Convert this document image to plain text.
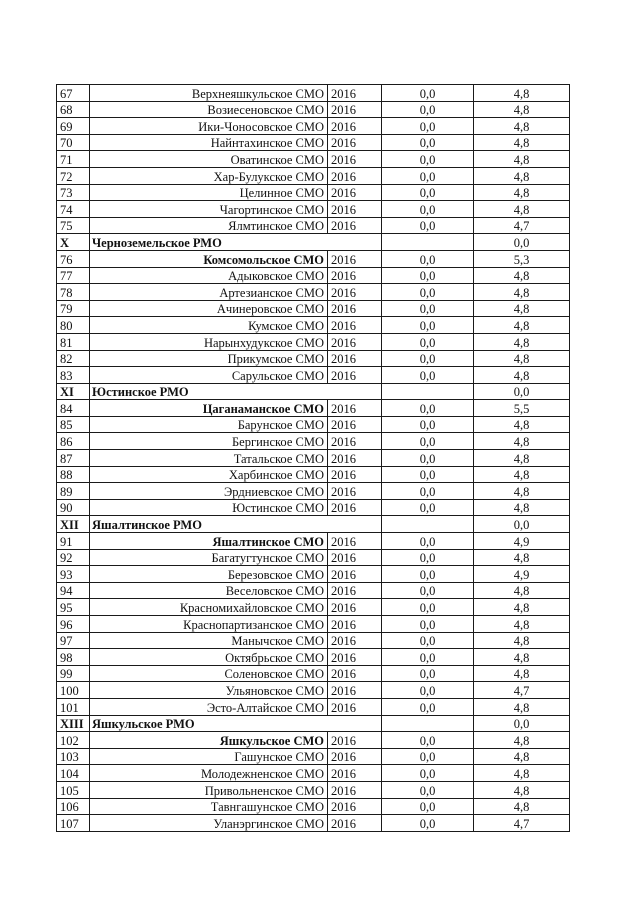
67	Верхнеяшкульское СМО	2016	0,0	4,8
68	Возиесеновское СМО	2016	0,0	4,8
69	Ики-Чоносовское СМО	2016	0,0	4,8
70	Найнтахинское СМО	2016	0,0	4,8
71	Оватинское СМО	2016	0,0	4,8
72	Хар-Булукское СМО	2016	0,0	4,8
73	Целинное СМО	2016	0,0	4,8
74	Чагортинское СМО	2016	0,0	4,8
75	Ялмтинское СМО	2016	0,0	4,7
X	Черноземельское РМО			0,0
76	Комсомольское СМО	2016	0,0	5,3
77	Адыковское СМО	2016	0,0	4,8
78	Артезианское СМО	2016	0,0	4,8
79	Ачинеровское СМО	2016	0,0	4,8
80	Кумское СМО	2016	0,0	4,8
81	Нарынхудукское СМО	2016	0,0	4,8
82	Прикумское СМО	2016	0,0	4,8
83	Сарульское СМО	2016	0,0	4,8
XI	Юстинское РМО			0,0
84	Цаганаманское СМО	2016	0,0	5,5
85	Барунское СМО	2016	0,0	4,8
86	Бергинское СМО	2016	0,0	4,8
87	Татальское СМО	2016	0,0	4,8
88	Харбинское СМО	2016	0,0	4,8
89	Эрдниевское СМО	2016	0,0	4,8
90	Юстинское СМО	2016	0,0	4,8
XII	Яшалтинское РМО			0,0
91	Яшалтинское СМО	2016	0,0	4,9
92	Багатугтунское СМО	2016	0,0	4,8
93	Березовское СМО	2016	0,0	4,9
94	Веселовское СМО	2016	0,0	4,8
95	Красномихайловское СМО	2016	0,0	4,8
96	Краснопартизанское СМО	2016	0,0	4,8
97	Манычское СМО	2016	0,0	4,8
98	Октябрьское СМО	2016	0,0	4,8
99	Соленовское СМО	2016	0,0	4,8
100	Ульяновское СМО	2016	0,0	4,7
101	Эсто-Алтайское СМО	2016	0,0	4,8
XIII	Яшкульское РМО			0,0
102	Яшкульское СМО	2016	0,0	4,8
103	Гашунское СМО	2016	0,0	4,8
104	Молодежненское СМО	2016	0,0	4,8
105	Привольненское СМО	2016	0,0	4,8
106	Тавнгашунское СМО	2016	0,0	4,8
107	Уланэргинское СМО	2016	0,0	4,7
